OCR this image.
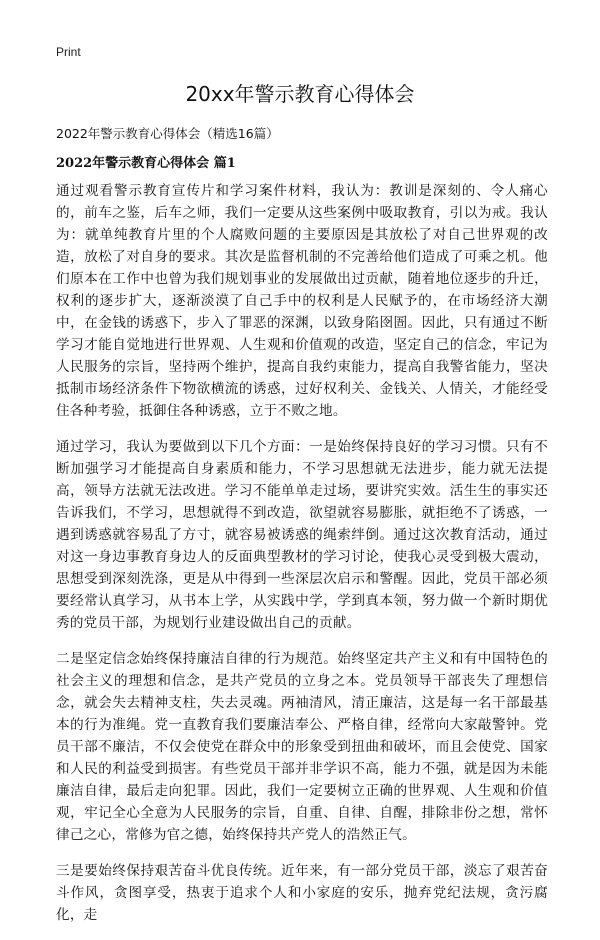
Print
20xx年警示教育心得体会

2022年警示教育心得体会（精选16篇）

2022年警示教育心得体会 篇1

通过观看警示教育宣传片和学习案件材料，我认为：教训是深刻的、令人痛心的，前车之鉴，后车之师，我们一定要从这些案例中吸取教育，引以为戒。我认为：就单纯教育片里的个人腐败问题的主要原因是其放松了对自己世界观的改造，放松了对自身的要求。其次是监督机制的不完善给他们造成了可乘之机。他们原本在工作中也曾为我们规划事业的发展做出过贡献，随着地位逐步的升迁，权利的逐步扩大，逐渐淡漠了自己手中的权利是人民赋予的，在市场经济大潮中，在金钱的诱惑下，步入了罪恶的深渊，以致身陷囹圄。因此，只有通过不断学习才能自觉地进行世界观、人生观和价值观的改造，坚定自己的信念，牢记为人民服务的宗旨，坚持两个维护，提高自我约束能力，提高自我警省能力，坚决抵制市场经济条件下物欲横流的诱惑，过好权利关、金钱关、人情关，才能经受住各种考验，抵御住各种诱惑，立于不败之地。

通过学习，我认为要做到以下几个方面：一是始终保持良好的学习习惯。只有不断加强学习才能提高自身素质和能力，不学习思想就无法进步，能力就无法提高，领导方法就无法改进。学习不能单单走过场，要讲究实效。活生生的事实还告诉我们，不学习，思想就得不到改造，欲望就容易膨胀，就拒绝不了诱惑，一遇到诱惑就容易乱了方寸，就容易被诱惑的绳索绊倒。通过这次教育活动，通过对这一身边事教育身边人的反面典型教材的学习讨论，使我心灵受到极大震动，思想受到深刻洗涤，更是从中得到一些深层次启示和警醒。因此，党员干部必须要经常认真学习，从书本上学，从实践中学，学到真本领，努力做一个新时期优秀的党员干部，为规划行业建设做出自己的贡献。

二是坚定信念始终保持廉洁自律的行为规范。始终坚定共产主义和有中国特色的社会主义的理想和信念，是共产党员的立身之本。党员领导干部丧失了理想信念，就会失去精神支柱，失去灵魂。两袖清风，清正廉洁，这是每一名干部最基本的行为准绳。党一直教育我们要廉洁奉公、严格自律，经常向大家敲警钟。党员干部不廉洁，不仅会使党在群众中的形象受到扭曲和破坏，而且会使党、国家和人民的利益受到损害。有些党员干部并非学识不高，能力不强，就是因为未能廉洁自律，最后走向犯罪。因此，我们一定要树立正确的世界观、人生观和价值观，牢记全心全意为人民服务的宗旨，自重、自律、自醒，排除非份之想，常怀律己之心，常修为官之德，始终保持共产党人的浩然正气。

三是要始终保持艰苦奋斗优良传统。近年来，有一部分党员干部，淡忘了艰苦奋斗作风，贪图享受，热衷于追求个人和小家庭的安乐，抛弃党纪法规，贪污腐化，走
